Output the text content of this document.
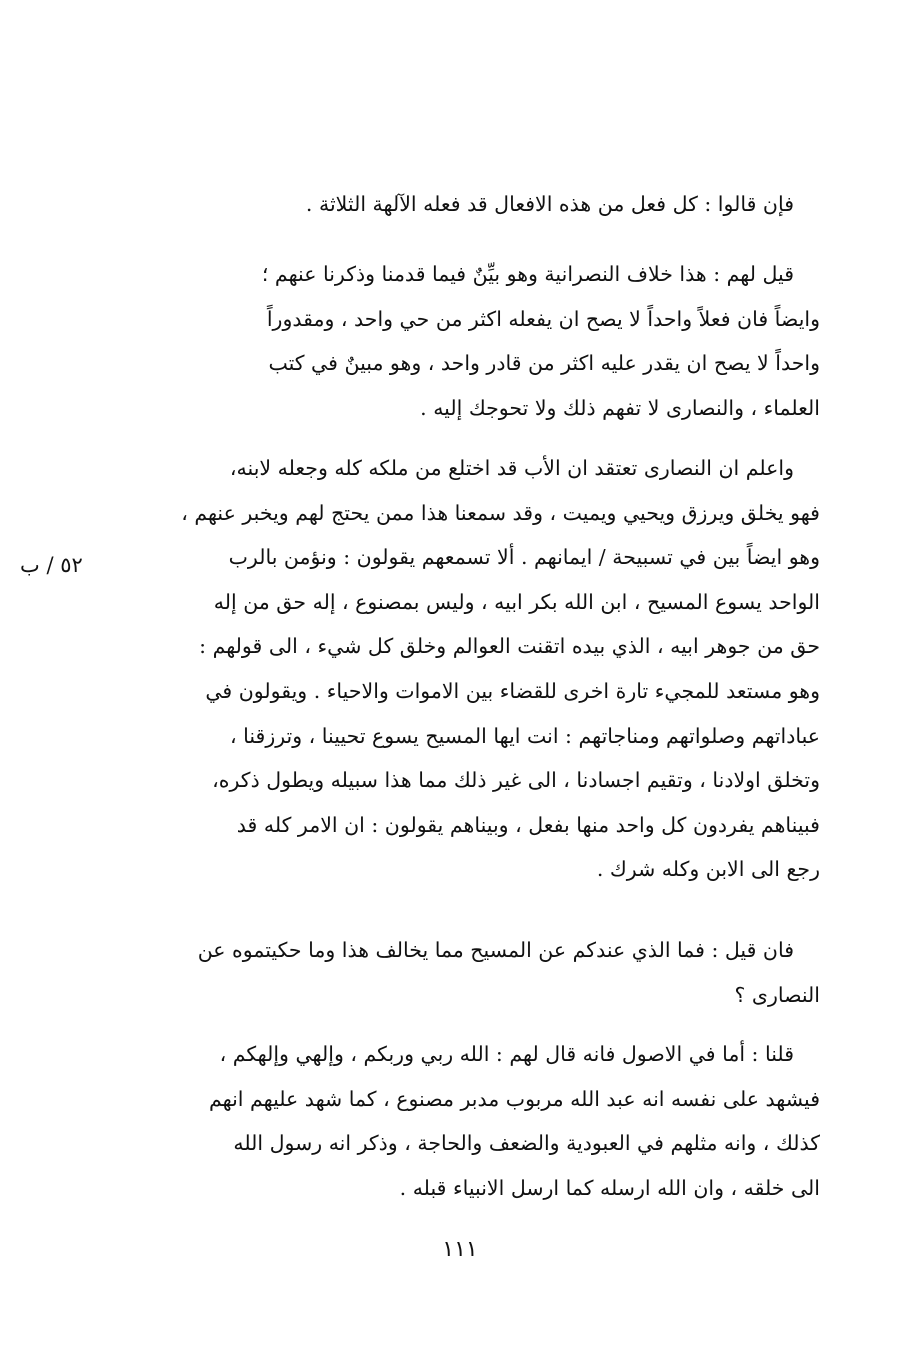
فإن قالوا : كل فعل من هذه الافعال قد فعله الآلهة الثلاثة .
قيل لهم : هذا خلاف النصرانية وهو بيِّنٌ فيما قدمنا وذكرنا عنهم ؛
وايضاً فان فعلاً واحداً لا يصح ان يفعله اكثر من حي واحد ، ومقدوراً
واحداً لا يصح ان يقدر عليه اكثر من قادر واحد ، وهو مبينٌ في كتب
العلماء ، والنصارى لا تفهم ذلك ولا تحوجك إليه .
واعلم ان النصارى تعتقد ان الأب قد اختلع من ملكه كله وجعله لابنه،
فهو يخلق ويرزق ويحيي ويميت ، وقد سمعنا هذا ممن يحتج لهم ويخبر عنهم ،
وهو ايضاً بين في تسبيحة / ايمانهم . ألا تسمعهم يقولون : ونؤمن بالرب
الواحد يسوع المسيح ، ابن الله بكر ابيه ، وليس بمصنوع ، إله حق من إله
حق من جوهر ابيه ، الذي بيده اتقنت العوالم وخلق كل شيء ، الى قولهم :
وهو مستعد للمجيء تارة اخرى للقضاء بين الاموات والاحياء . ويقولون في
عباداتهم وصلواتهم ومناجاتهم : انت ايها المسيح يسوع تحيينا ، وترزقنا ،
وتخلق اولادنا ، وتقيم اجسادنا ، الى غير ذلك مما هذا سبيله ويطول ذكره،
فبيناهم يفردون كل واحد منها بفعل ، وبيناهم يقولون : ان الامر كله قد
رجع الى الابن وكله شرك .
فان قيل : فما الذي عندكم عن المسيح مما يخالف هذا وما حكيتموه عن
النصارى ؟
قلنا : أما في الاصول فانه قال لهم : الله ربي وربكم ، وإلهي وإلهكم ،
فيشهد على نفسه انه عبد الله مربوب مدبر مصنوع ، كما شهد عليهم انهم
كذلك ، وانه مثلهم في العبودية والضعف والحاجة ، وذكر انه رسول الله
الى خلقه ، وان الله ارسله كما ارسل الانبياء قبله .
٥٢ / ب
١١١
